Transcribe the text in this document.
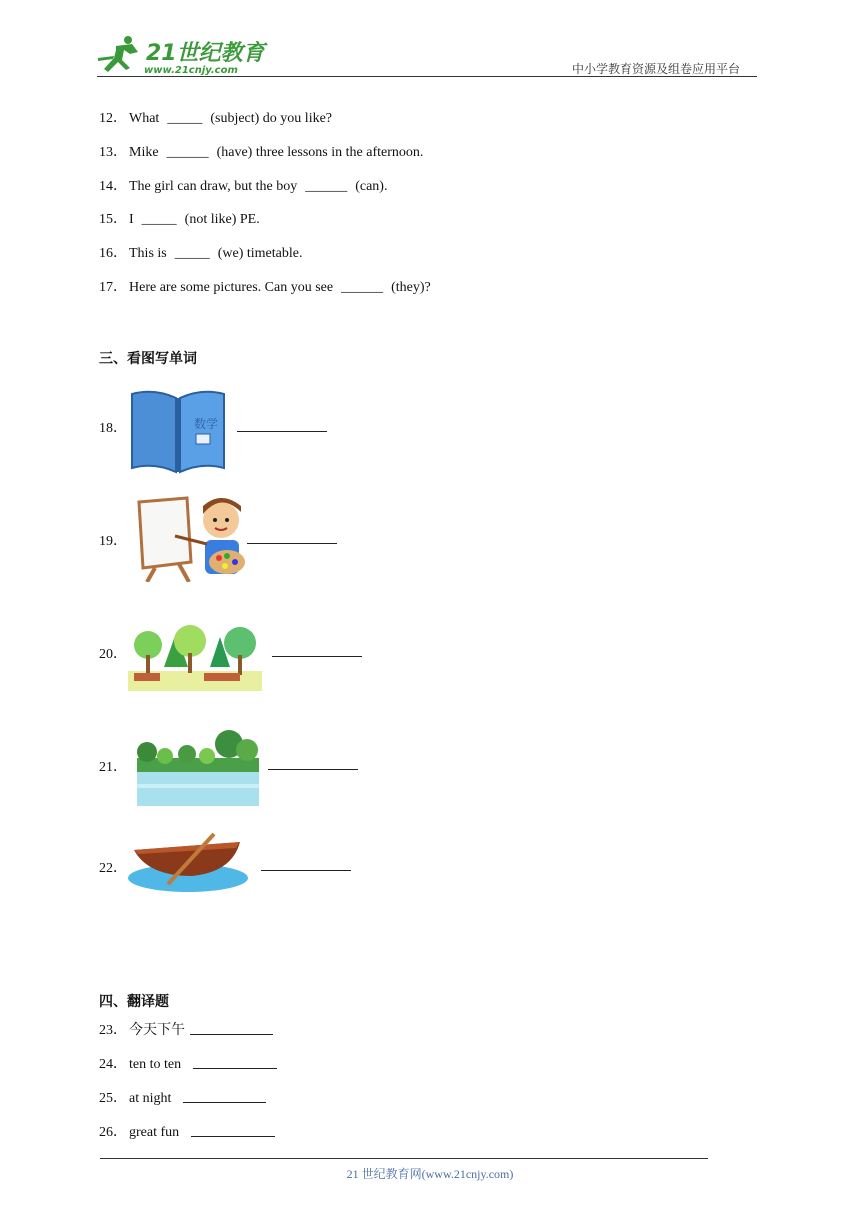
21世纪教育
www.21cnjy.com	中小学教育资源及组卷应用平台
12． What _____ (subject) do you like?
13． Mike ______ (have) three lessons in the afternoon.
14． The girl can draw, but the boy ______ (can).
15． I _____ (not like) PE.
16． This is _____ (we) timetable.
17． Here are some pictures. Can you see ______ (they)?
三、看图写单词
18．	数学
19．
20．
21．
22．
四、翻译题
23． 今天下午
24． ten to ten
25． at night
26． great fun
21 世纪教育网(www.21cnjy.com)
